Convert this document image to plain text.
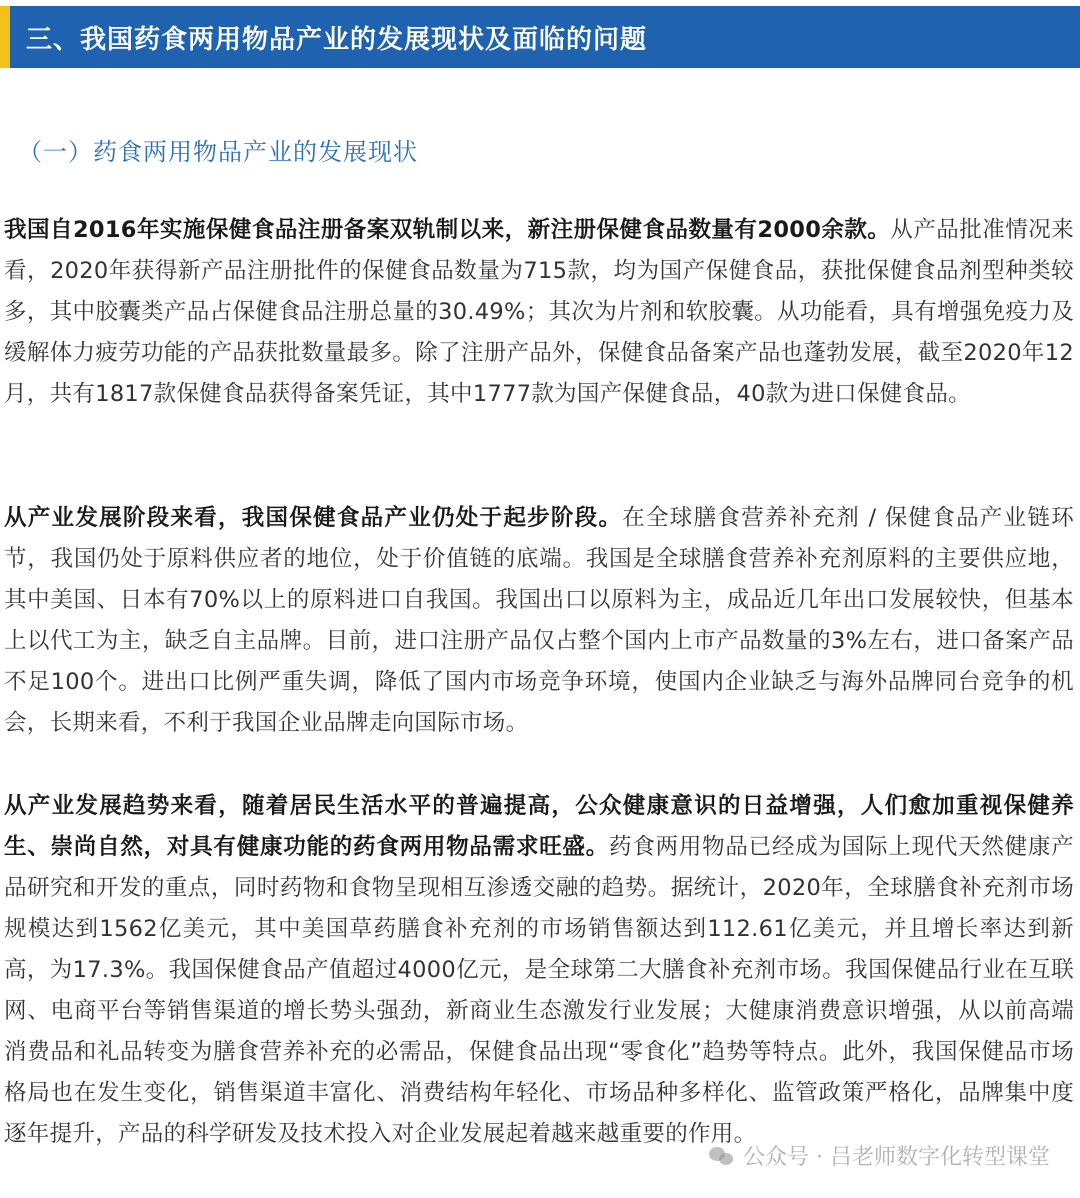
三、我国药食两用物品产业的发展现状及面临的问题
（一）药食两用物品产业的发展现状

我国自2016年实施保健食品注册备案双轨制以来，新注册保健食品数量有2000余款。从产品批准情况来看，2020年获得新产品注册批件的保健食品数量为715款，均为国产保健食品，获批保健食品剂型种类较多，其中胶囊类产品占保健食品注册总量的30.49%；其次为片剂和软胶囊。从功能看，具有增强免疫力及缓解体力疲劳功能的产品获批数量最多。除了注册产品外，保健食品备案产品也蓬勃发展，截至2020年12月，共有1817款保健食品获得备案凭证，其中1777款为国产保健食品，40款为进口保健食品。

从产业发展阶段来看，我国保健食品产业仍处于起步阶段。在全球膳食营养补充剂 / 保健食品产业链环节，我国仍处于原料供应者的地位，处于价值链的底端。我国是全球膳食营养补充剂原料的主要供应地，其中美国、日本有70%以上的原料进口自我国。我国出口以原料为主，成品近几年出口发展较快，但基本上以代工为主，缺乏自主品牌。目前，进口注册产品仅占整个国内上市产品数量的3%左右，进口备案产品不足100个。进出口比例严重失调，降低了国内市场竞争环境，使国内企业缺乏与海外品牌同台竞争的机会，长期来看，不利于我国企业品牌走向国际市场。

从产业发展趋势来看，随着居民生活水平的普遍提高，公众健康意识的日益增强，人们愈加重视保健养生、崇尚自然，对具有健康功能的药食两用物品需求旺盛。药食两用物品已经成为国际上现代天然健康产品研究和开发的重点，同时药物和食物呈现相互渗透交融的趋势。据统计，2020年，全球膳食补充剂市场规模达到1562亿美元，其中美国草药膳食补充剂的市场销售额达到112.61亿美元，并且增长率达到新高，为17.3%。我国保健食品产值超过4000亿元，是全球第二大膳食补充剂市场。我国保健品行业在互联网、电商平台等销售渠道的增长势头强劲，新商业生态激发行业发展；大健康消费意识增强，从以前高端消费品和礼品转变为膳食营养补充的必需品，保健食品出现“零食化”趋势等特点。此外，我国保健品市场格局也在发生变化，销售渠道丰富化、消费结构年轻化、市场品种多样化、监管政策严格化，品牌集中度逐年提升，产品的科学研发及技术投入对企业发展起着越来越重要的作用。

公众号 · 吕老师数字化转型课堂
